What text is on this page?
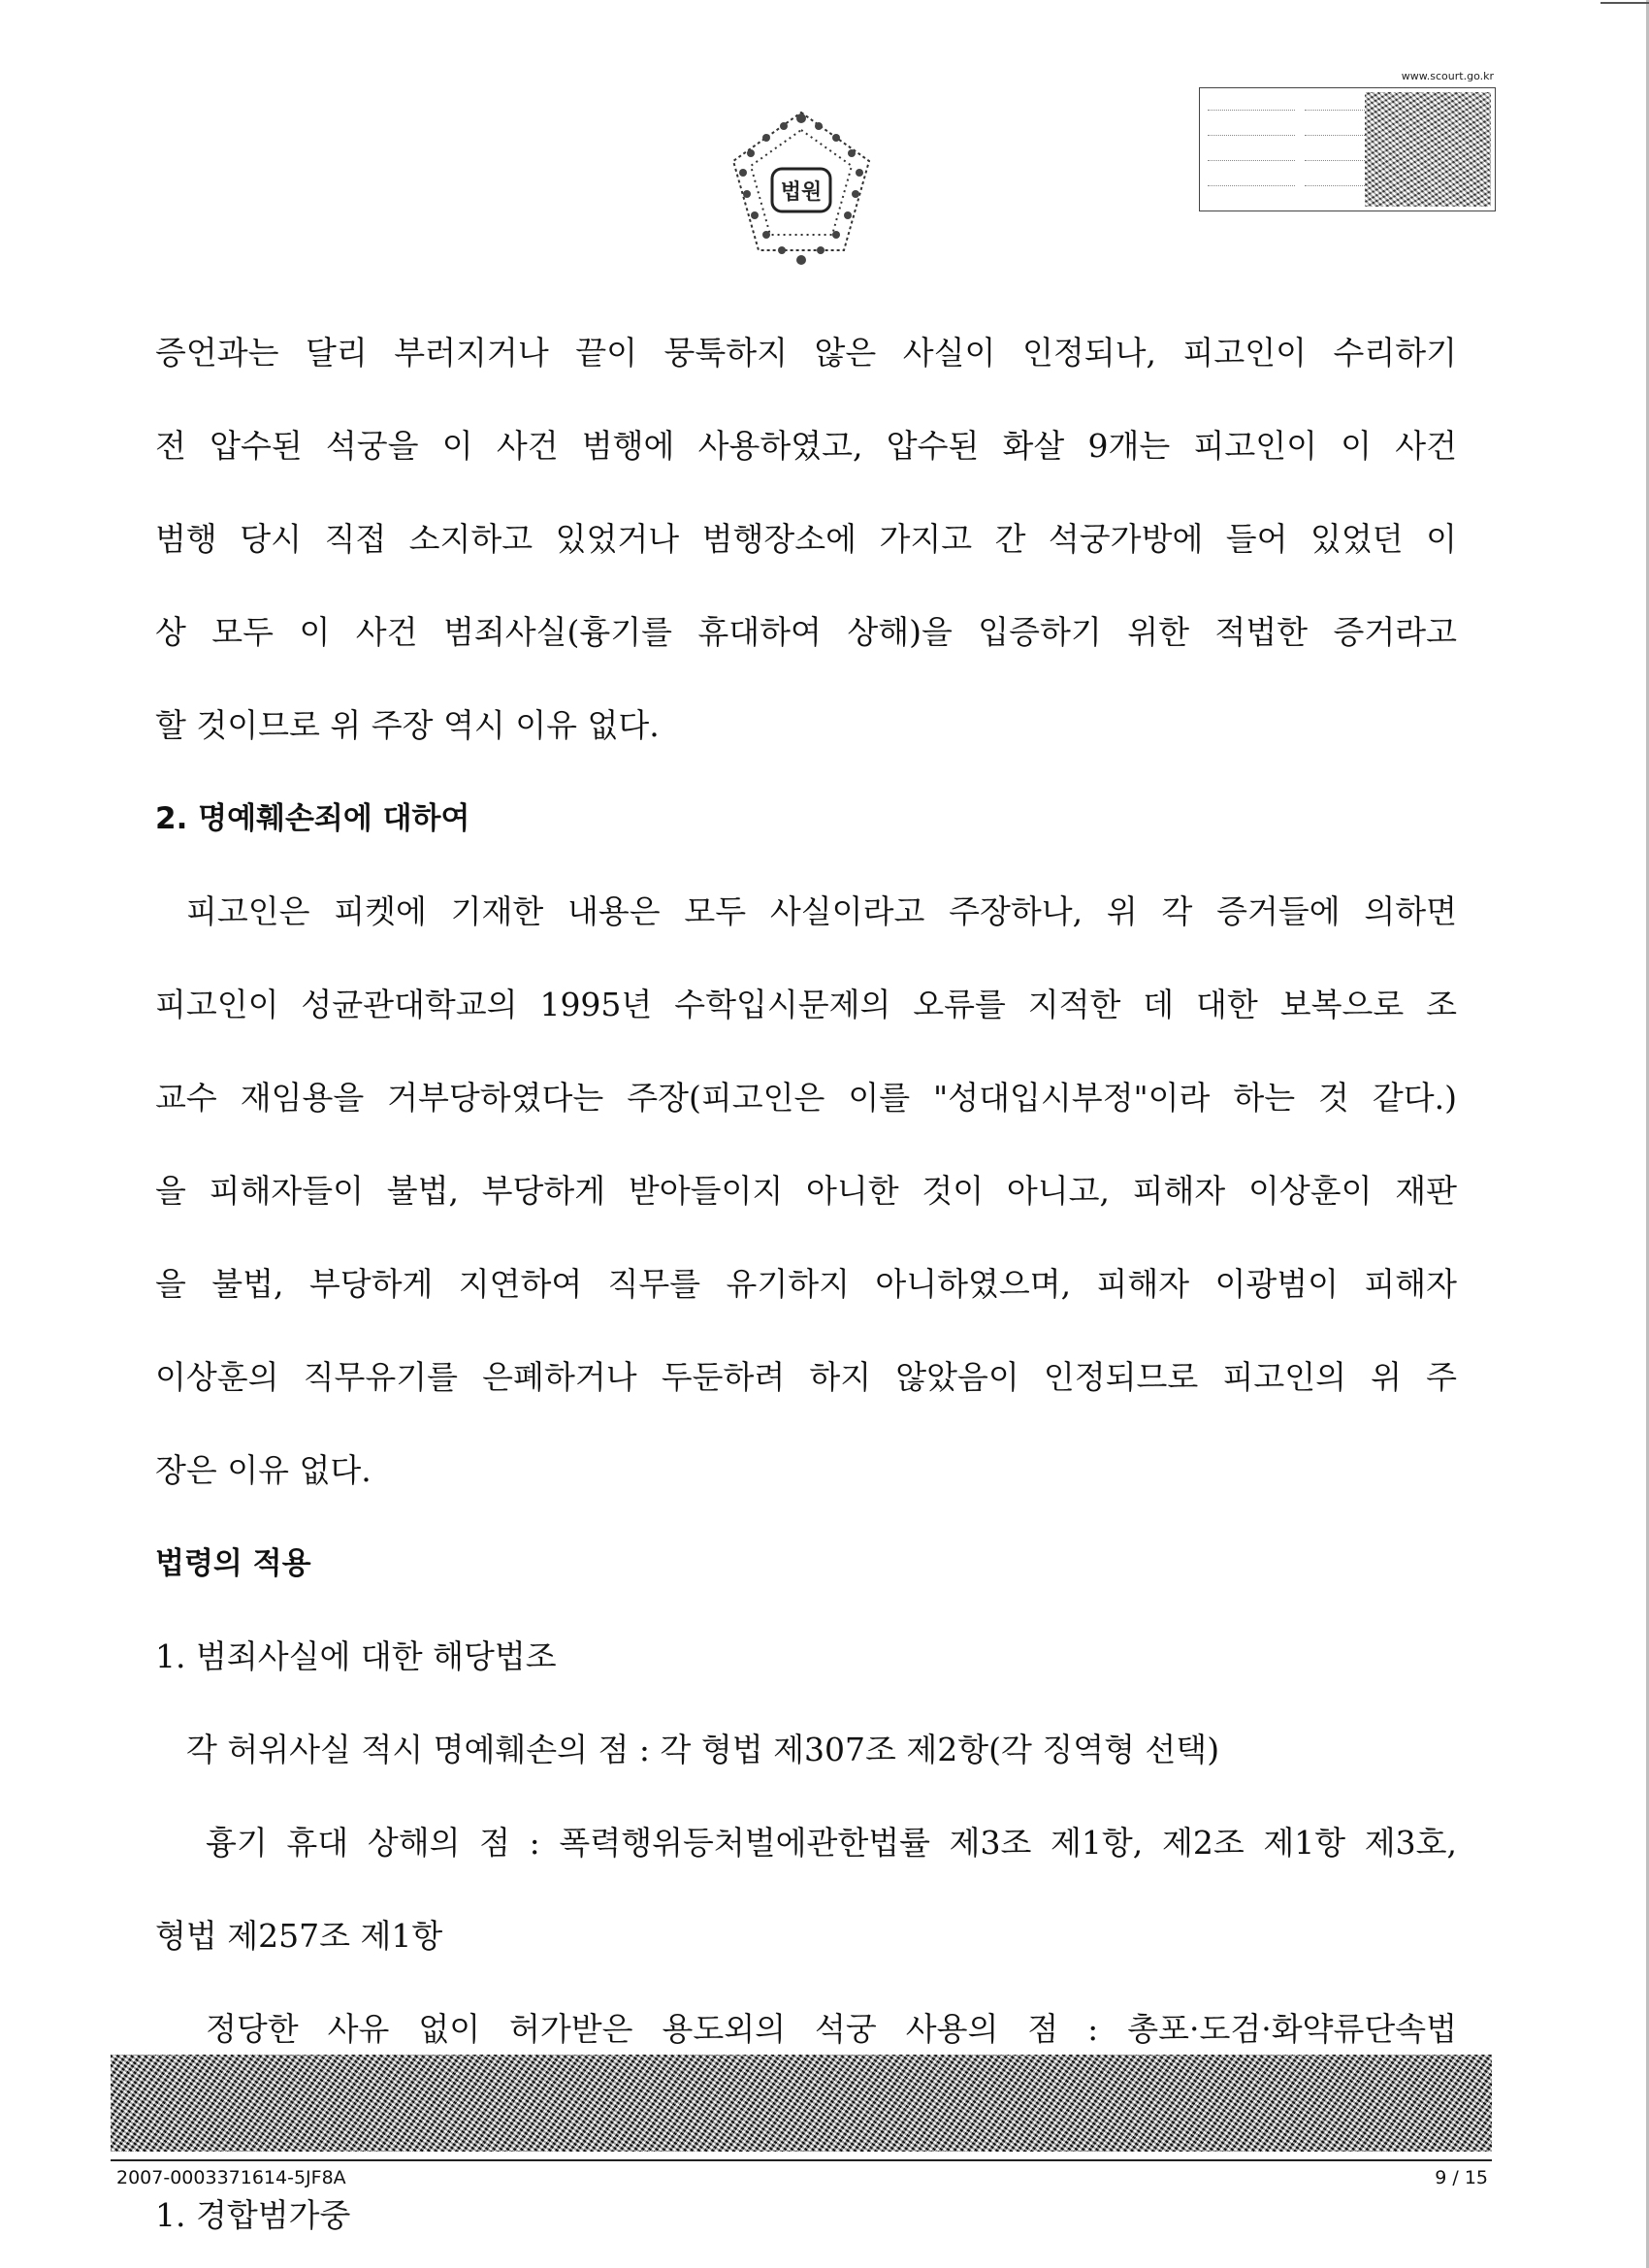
법원
www.scourt.go.kr
증언과는 달리 부러지거나 끝이 뭉툭하지 않은 사실이 인정되나, 피고인이 수리하기
전 압수된 석궁을 이 사건 범행에 사용하였고, 압수된 화살 9개는 피고인이 이 사건
범행 당시 직접 소지하고 있었거나 범행장소에 가지고 간 석궁가방에 들어 있었던 이
상 모두 이 사건 범죄사실(흉기를 휴대하여 상해)을 입증하기 위한 적법한 증거라고
할 것이므로 위 주장 역시 이유 없다.
2. 명예훼손죄에 대하여
피고인은 피켓에 기재한 내용은 모두 사실이라고 주장하나, 위 각 증거들에 의하면
피고인이 성균관대학교의 1995년 수학입시문제의 오류를 지적한 데 대한 보복으로 조
교수 재임용을 거부당하였다는 주장(피고인은 이를 "성대입시부정"이라 하는 것 같다.)
을 피해자들이 불법, 부당하게 받아들이지 아니한 것이 아니고, 피해자 이상훈이 재판
을 불법, 부당하게 지연하여 직무를 유기하지 아니하였으며, 피해자 이광범이 피해자
이상훈의 직무유기를 은폐하거나 두둔하려 하지 않았음이 인정되므로 피고인의 위 주
장은 이유 없다.
법령의 적용
1. 범죄사실에 대한 해당법조
각 허위사실 적시 명예훼손의 점 : 각 형법 제307조 제2항(각 징역형 선택)
흉기 휴대 상해의 점 : 폭력행위등처벌에관한법률 제3조 제1항, 제2조 제1항 제3호,
형법 제257조 제1항
정당한 사유 없이 허가받은 용도외의 석궁 사용의 점 : 총포·도검·화약류단속법
1. 경합범가중
2007-0003371614-5JF8A	9 / 15
